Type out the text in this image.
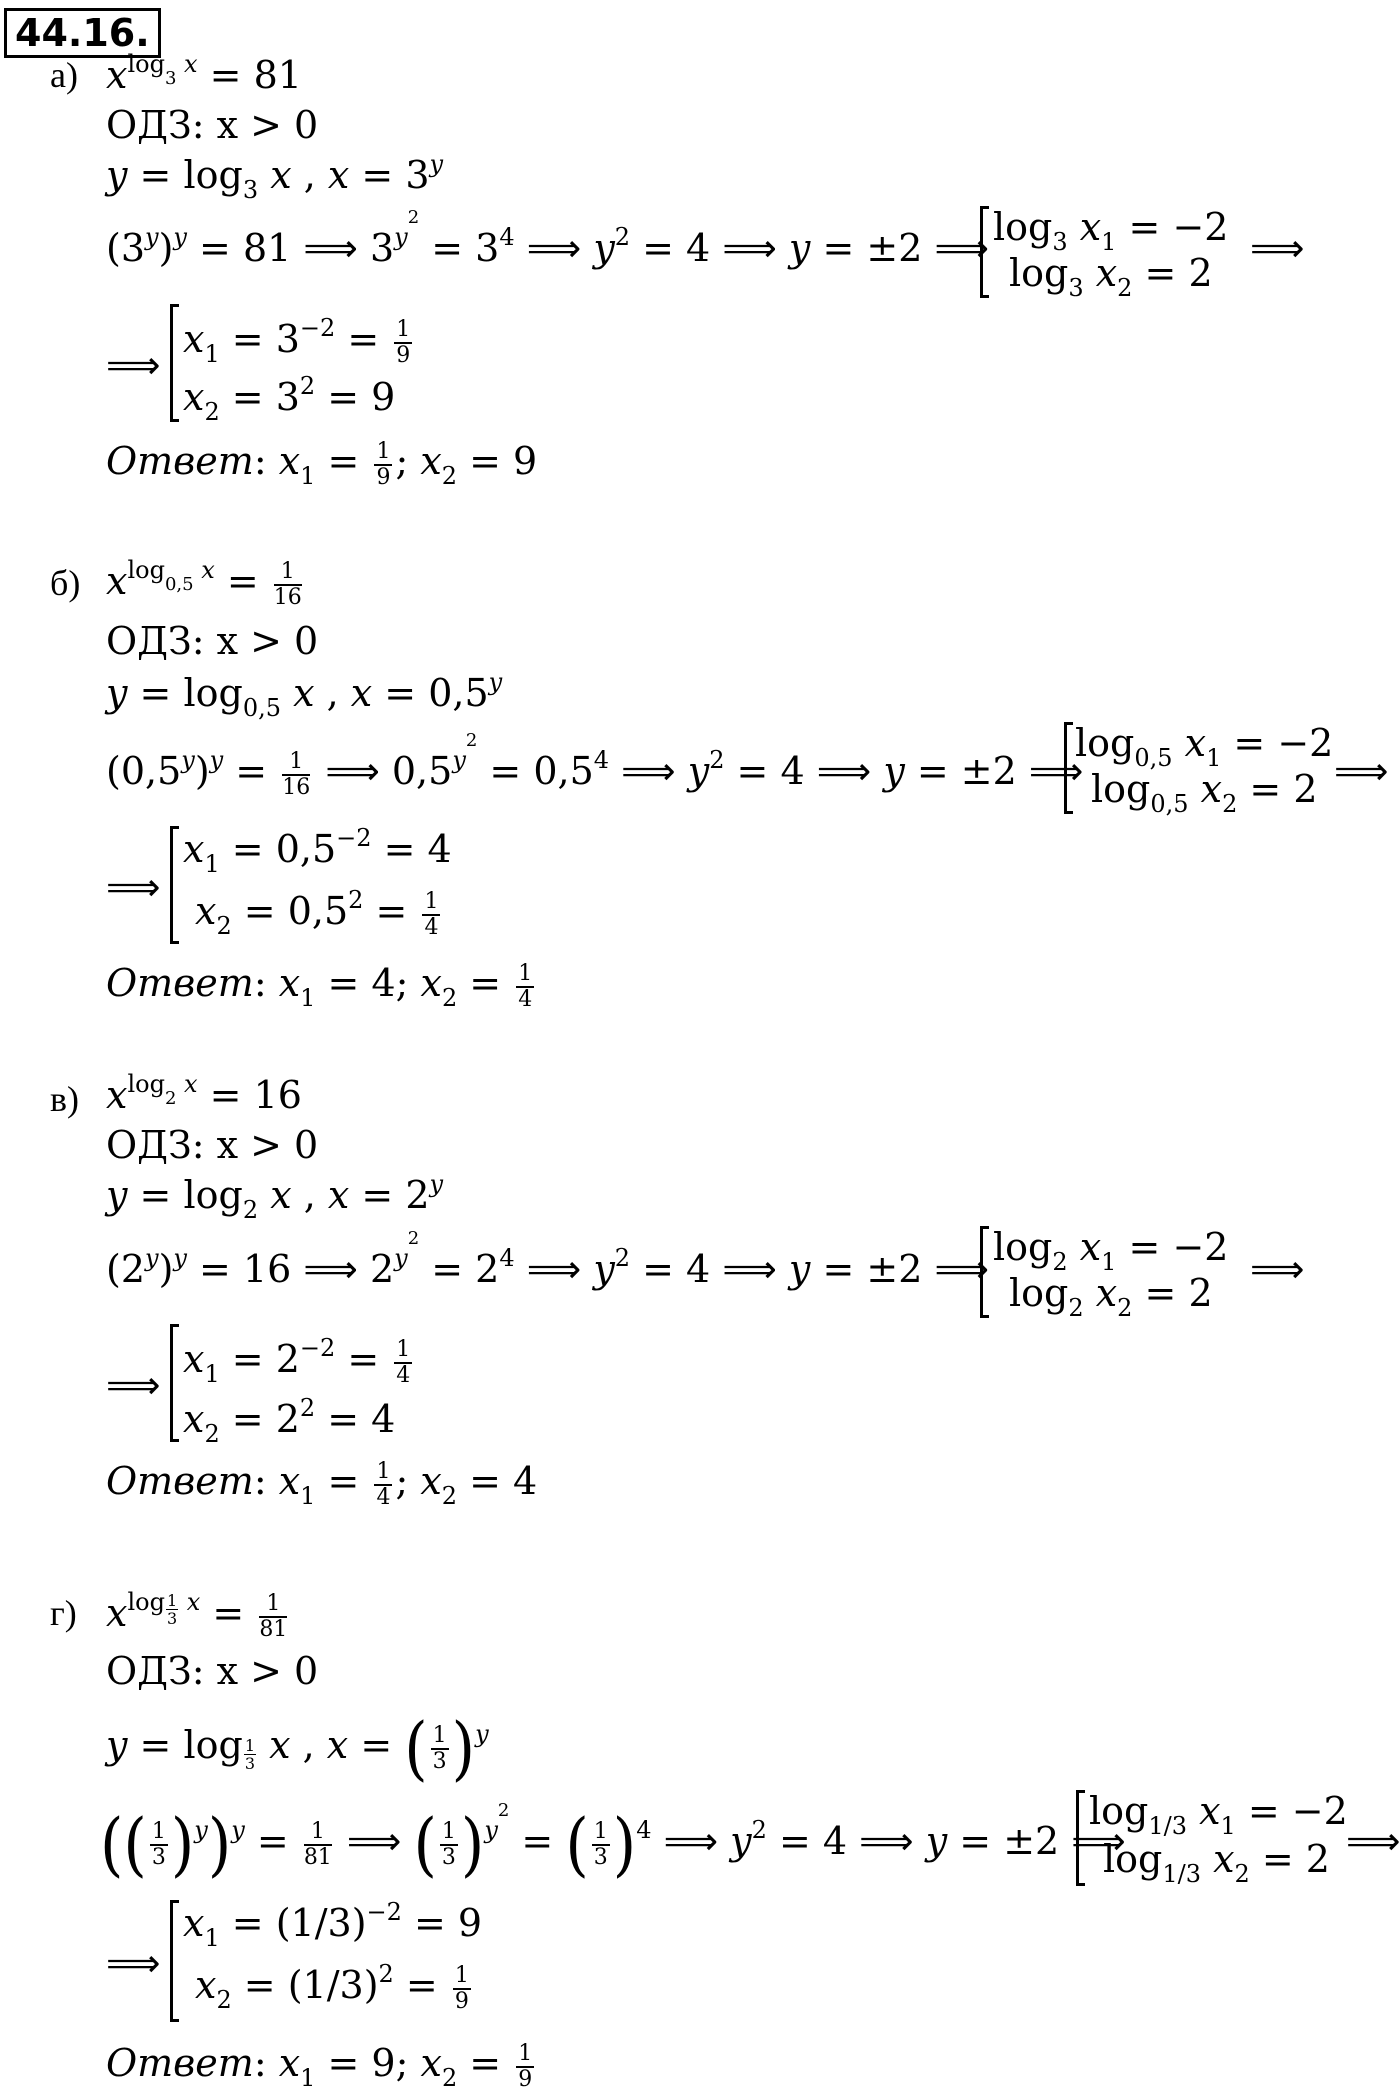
44.16.
а) $x^{log_3 x} = 81$
ОДЗ: x > 0
$y = \log_3 x$ , $x = 3^y$
$(3^y)^y = 81$ ⟹ $3^{y^2} = 3^4$ ⟹ $y^2 = 4$ ⟹ y = ±2 ⟹ $\log_3 x_1 = -2$
$\log_3 x_2 = 2$
⟹
⟹
$x_1 = 3^{-2} = \frac{1}{9}$
$x_2 = 3^2 = 9$
Ответ: $x_1 = \frac{1}{9}$ ; $x_2 = 9$
б) $x^{log_{0,5} x} = \frac{1}{16}$
ОДЗ: x > 0
$y = \log_{0,5} x$ , $x = 0,5^y$
$(0,5^y)^y = \frac{1}{16}$ ⟹ $0,5^{y^2} = 0,5^4$ ⟹ $y^2 = 4$ ⟹ y = ±2 ⟹
$\log_{0,5} x_1 = -2$
$\log_{0,5} x_2 = 2$ ⟹
⟹
$x_1 = 0,5^{-2} = 4$
$x_2 = 0,5^2 = \frac{1}{4}$
Ответ: $x_1 = 4$; $x_2 = \frac{1}{4}$
в) $x^{log_2 x} = 16$
ОДЗ: x > 0
$y = \log_2 x$ , $x = 2^y$
$(2^y)^y = 16$ ⟹ $2^{y^2} = 2^4$ ⟹ $y^2 = 4$ ⟹ y = ±2 ⟹ $\log_2 x_1 = -2$
$\log_2 x_2 = 2$
⟹
⟹
$x_1 = 2^{-2} = \frac{1}{4}$
$x_2 = 2^2 = 4$
Ответ: $x_1 = \frac{1}{4}$ ; $x_2 = 4$
г) $x^{log \frac{1}{3} x} = \frac{1}{81}$
ОДЗ: x > 0
$y = \log \frac{1}{3}$ x , x = ( $\frac{1}{3} )^y$
(( $\frac{1}{3} )^y)^y = \frac{1}{81}$ ⟹ ( $\frac{1}{3} )^{y^2}$ = ( $\frac{1}{3} )^4$ ⟹ $y^2 = 4$ ⟹ y = ±2 ⟹
$\log_{1/3} x_1 = -2$
$\log_{1/3} x_2 = 2$ ⟹
⟹
$x_1 = (1/3)^{-2} = 9$
$x_2 = (1/3)^2 = \frac{1}{9}$
Ответ: $x_1 = 9$; $x_2 = \frac{1}{9}$
